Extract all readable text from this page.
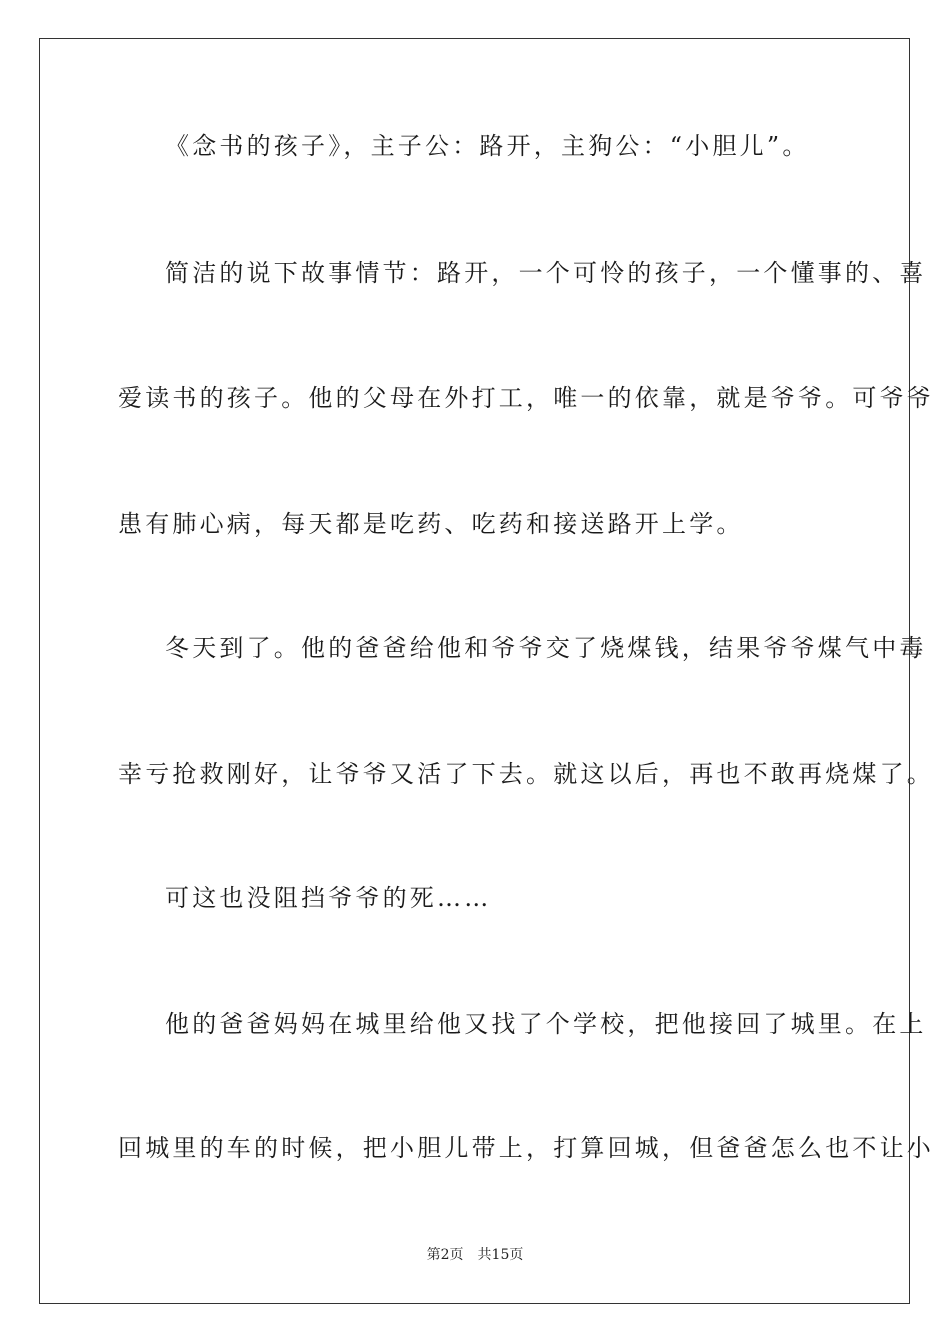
《念书的孩子》，主子公：路开，主狗公：“小胆儿”。
简洁的说下故事情节：路开，一个可怜的孩子，一个懂事的、喜
爱读书的孩子。他的父母在外打工，唯一的依靠，就是爷爷。可爷爷
患有肺心病，每天都是吃药、吃药和接送路开上学。
冬天到了。他的爸爸给他和爷爷交了烧煤钱，结果爷爷煤气中毒
幸亏抢救刚好，让爷爷又活了下去。就这以后，再也不敢再烧煤了。
可这也没阻挡爷爷的死……
他的爸爸妈妈在城里给他又找了个学校，把他接回了城里。在上
回城里的车的时候，把小胆儿带上，打算回城，但爸爸怎么也不让小
第2页 共15页
